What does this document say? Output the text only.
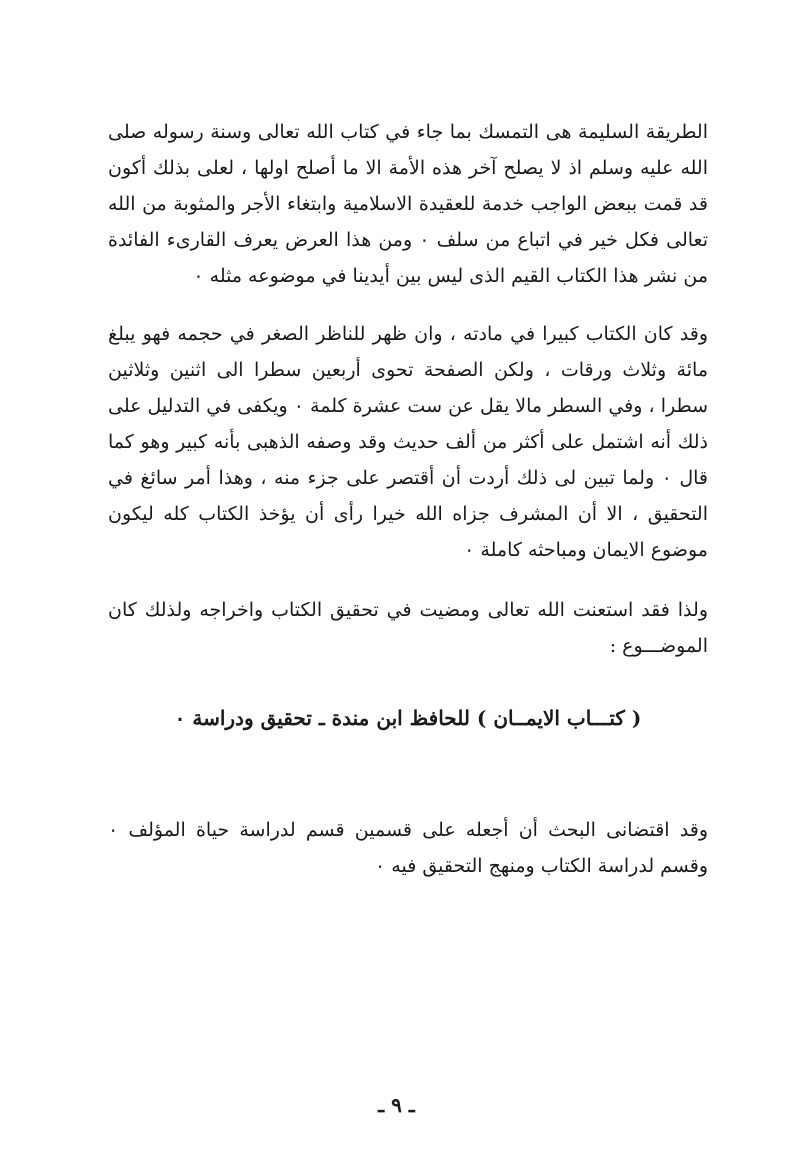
الطريقة السليمة هى التمسك بما جاء في كتاب الله تعالى وسنة رسوله صلى الله عليه وسلم اذ لا يصلح آخر هذه الأمة الا ما أصلح اولها ، لعلى بذلك أكون قد قمت ببعض الواجب خدمة للعقيدة الاسلامية وابتغاء الأجر والمثوبة من الله تعالى فكل خير في اتباع من سلف ٠ ومن هذا العرض يعرف القارىء الفائدة من نشر هذا الكتاب القيم الذى ليس بين أيدينا في موضوعه مثله ٠

وقد كان الكتاب كبيرا في مادته ، وان ظهر للناظر الصغر في حجمه فهو يبلغ مائة وثلاث ورقات ، ولكن الصفحة تحوى أربعين سطرا الى اثنين وثلاثين سطرا ، وفي السطر مالا يقل عن ست عشرة كلمة ٠ ويكفى في التدليل على ذلك أنه اشتمل على أكثر من ألف حديث وقد وصفه الذهبى بأنه كبير وهو كما قال ٠ ولما تبين لى ذلك أردت أن أقتصر على جزء منه ، وهذا أمر سائغ في التحقيق ، الا أن المشرف جزاه الله خيرا رأى أن يؤخذ الكتاب كله ليكون موضوع الايمان ومباحثه كاملة ٠

ولذا فقد استعنت الله تعالى ومضيت في تحقيق الكتاب واخراجه ولذلك كان الموضـــوع :

( كتـــاب الايمــان ) للحافظ ابن مندة ـ تحقيق ودراسة ٠

وقد اقتضانى البحث أن أجعله على قسمين قسم لدراسة حياة المؤلف ٠ وقسم لدراسة الكتاب ومنهج التحقيق فيه ٠

ـ ٩ ـ
